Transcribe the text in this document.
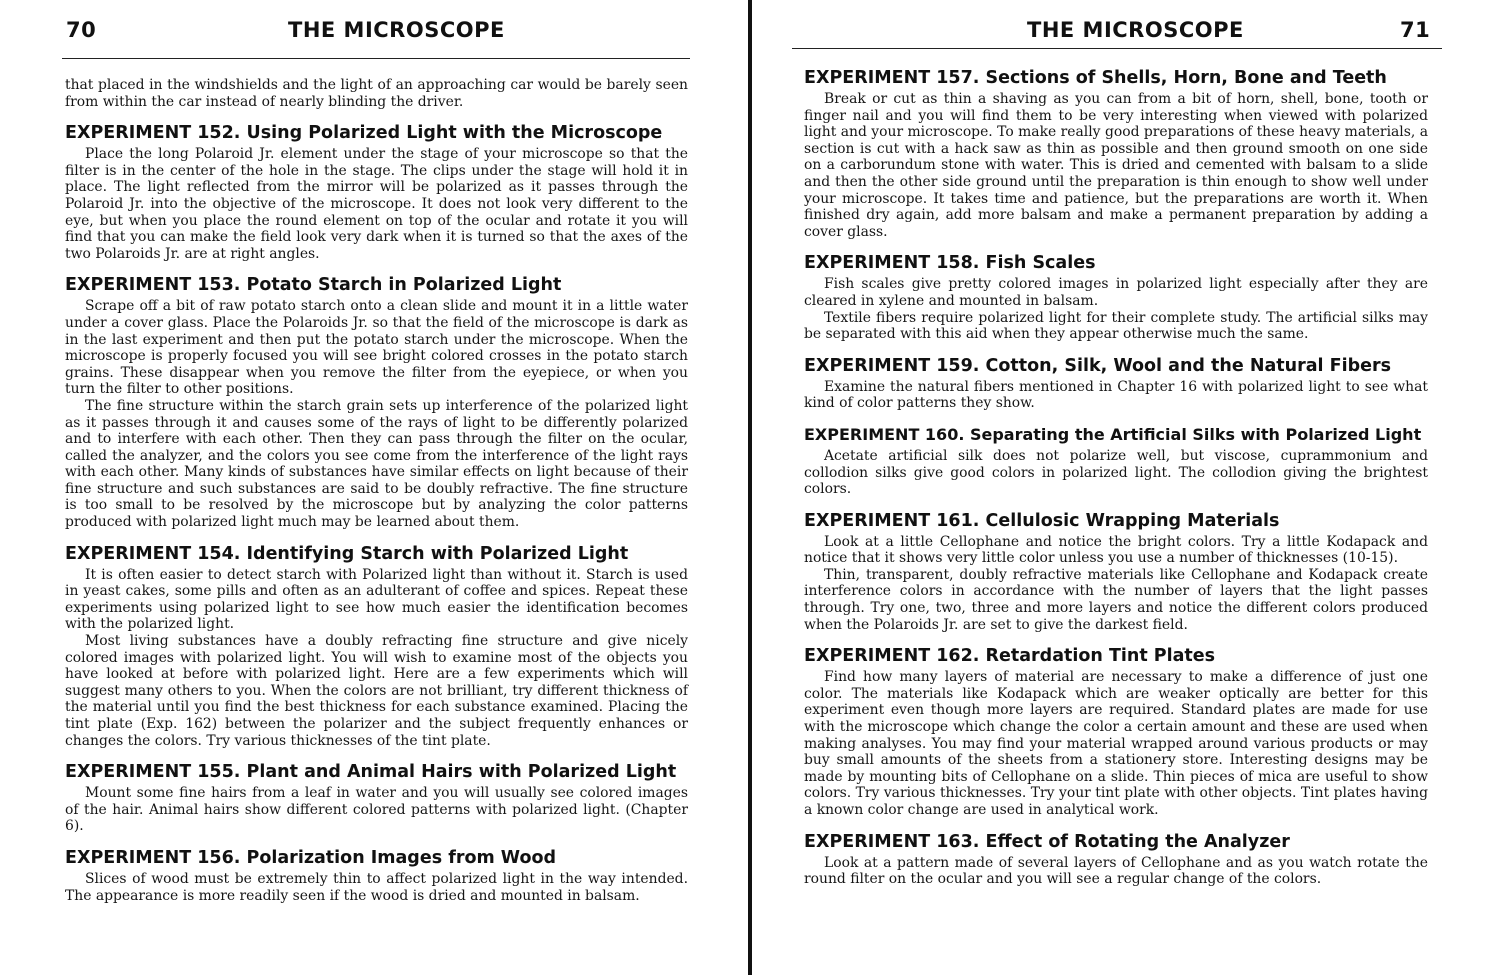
70	THE MICROSCOPE

that placed in the windshields and the light of an approaching car would be barely seen from within the car instead of nearly blinding the driver.

EXPERIMENT 152. Using Polarized Light with the Microscope

Place the long Polaroid Jr. element under the stage of your microscope so that the filter is in the center of the hole in the stage. The clips under the stage will hold it in place. The light reflected from the mirror will be polarized as it passes through the Polaroid Jr. into the objective of the microscope. It does not look very different to the eye, but when you place the round element on top of the ocular and rotate it you will find that you can make the field look very dark when it is turned so that the axes of the two Polaroids Jr. are at right angles.

EXPERIMENT 153. Potato Starch in Polarized Light

Scrape off a bit of raw potato starch onto a clean slide and mount it in a little water under a cover glass. Place the Polaroids Jr. so that the field of the microscope is dark as in the last experiment and then put the potato starch under the microscope. When the microscope is properly focused you will see bright colored crosses in the potato starch grains. These disappear when you remove the filter from the eyepiece, or when you turn the filter to other positions.

The fine structure within the starch grain sets up interference of the polarized light as it passes through it and causes some of the rays of light to be differently polarized and to interfere with each other. Then they can pass through the filter on the ocular, called the analyzer, and the colors you see come from the interference of the light rays with each other. Many kinds of substances have similar effects on light because of their fine structure and such substances are said to be doubly refractive. The fine structure is too small to be resolved by the microscope but by analyzing the color patterns produced with polarized light much may be learned about them.

EXPERIMENT 154. Identifying Starch with Polarized Light

It is often easier to detect starch with Polarized light than without it. Starch is used in yeast cakes, some pills and often as an adulterant of coffee and spices. Repeat these experiments using polarized light to see how much easier the identification becomes with the polarized light.

Most living substances have a doubly refracting fine structure and give nicely colored images with polarized light. You will wish to examine most of the objects you have looked at before with polarized light. Here are a few experiments which will suggest many others to you. When the colors are not brilliant, try different thickness of the material until you find the best thickness for each substance examined. Placing the tint plate (Exp. 162) between the polarizer and the subject frequently enhances or changes the colors. Try various thicknesses of the tint plate.

EXPERIMENT 155. Plant and Animal Hairs with Polarized Light

Mount some fine hairs from a leaf in water and you will usually see colored images of the hair. Animal hairs show different colored patterns with polarized light. (Chapter 6).

EXPERIMENT 156. Polarization Images from Wood

Slices of wood must be extremely thin to affect polarized light in the way intended. The appearance is more readily seen if the wood is dried and mounted in balsam.

THE MICROSCOPE	71
EXPERIMENT 157. Sections of Shells, Horn, Bone and Teeth

Break or cut as thin a shaving as you can from a bit of horn, shell, bone, tooth or finger nail and you will find them to be very interesting when viewed with polarized light and your microscope. To make really good preparations of these heavy materials, a section is cut with a hack saw as thin as possible and then ground smooth on one side on a carborundum stone with water. This is dried and cemented with balsam to a slide and then the other side ground until the preparation is thin enough to show well under your microscope. It takes time and patience, but the preparations are worth it. When finished dry again, add more balsam and make a permanent preparation by adding a cover glass.

EXPERIMENT 158. Fish Scales

Fish scales give pretty colored images in polarized light especially after they are cleared in xylene and mounted in balsam.

Textile fibers require polarized light for their complete study. The artificial silks may be separated with this aid when they appear otherwise much the same.

EXPERIMENT 159. Cotton, Silk, Wool and the Natural Fibers

Examine the natural fibers mentioned in Chapter 16 with polarized light to see what kind of color patterns they show.

EXPERIMENT 160. Separating the Artificial Silks with Polarized Light

Acetate artificial silk does not polarize well, but viscose, cuprammonium and collodion silks give good colors in polarized light. The collodion giving the brightest colors.

EXPERIMENT 161. Cellulosic Wrapping Materials

Look at a little Cellophane and notice the bright colors. Try a little Kodapack and notice that it shows very little color unless you use a number of thicknesses (10-15).

Thin, transparent, doubly refractive materials like Cellophane and Kodapack create interference colors in accordance with the number of layers that the light passes through. Try one, two, three and more layers and notice the different colors produced when the Polaroids Jr. are set to give the darkest field.

EXPERIMENT 162. Retardation Tint Plates

Find how many layers of material are necessary to make a difference of just one color. The materials like Kodapack which are weaker optically are better for this experiment even though more layers are required. Standard plates are made for use with the microscope which change the color a certain amount and these are used when making analyses. You may find your material wrapped around various products or may buy small amounts of the sheets from a stationery store. Interesting designs may be made by mounting bits of Cellophane on a slide. Thin pieces of mica are useful to show colors. Try various thicknesses. Try your tint plate with other objects. Tint plates having a known color change are used in analytical work.

EXPERIMENT 163. Effect of Rotating the Analyzer

Look at a pattern made of several layers of Cellophane and as you watch rotate the round filter on the ocular and you will see a regular change of the colors.
